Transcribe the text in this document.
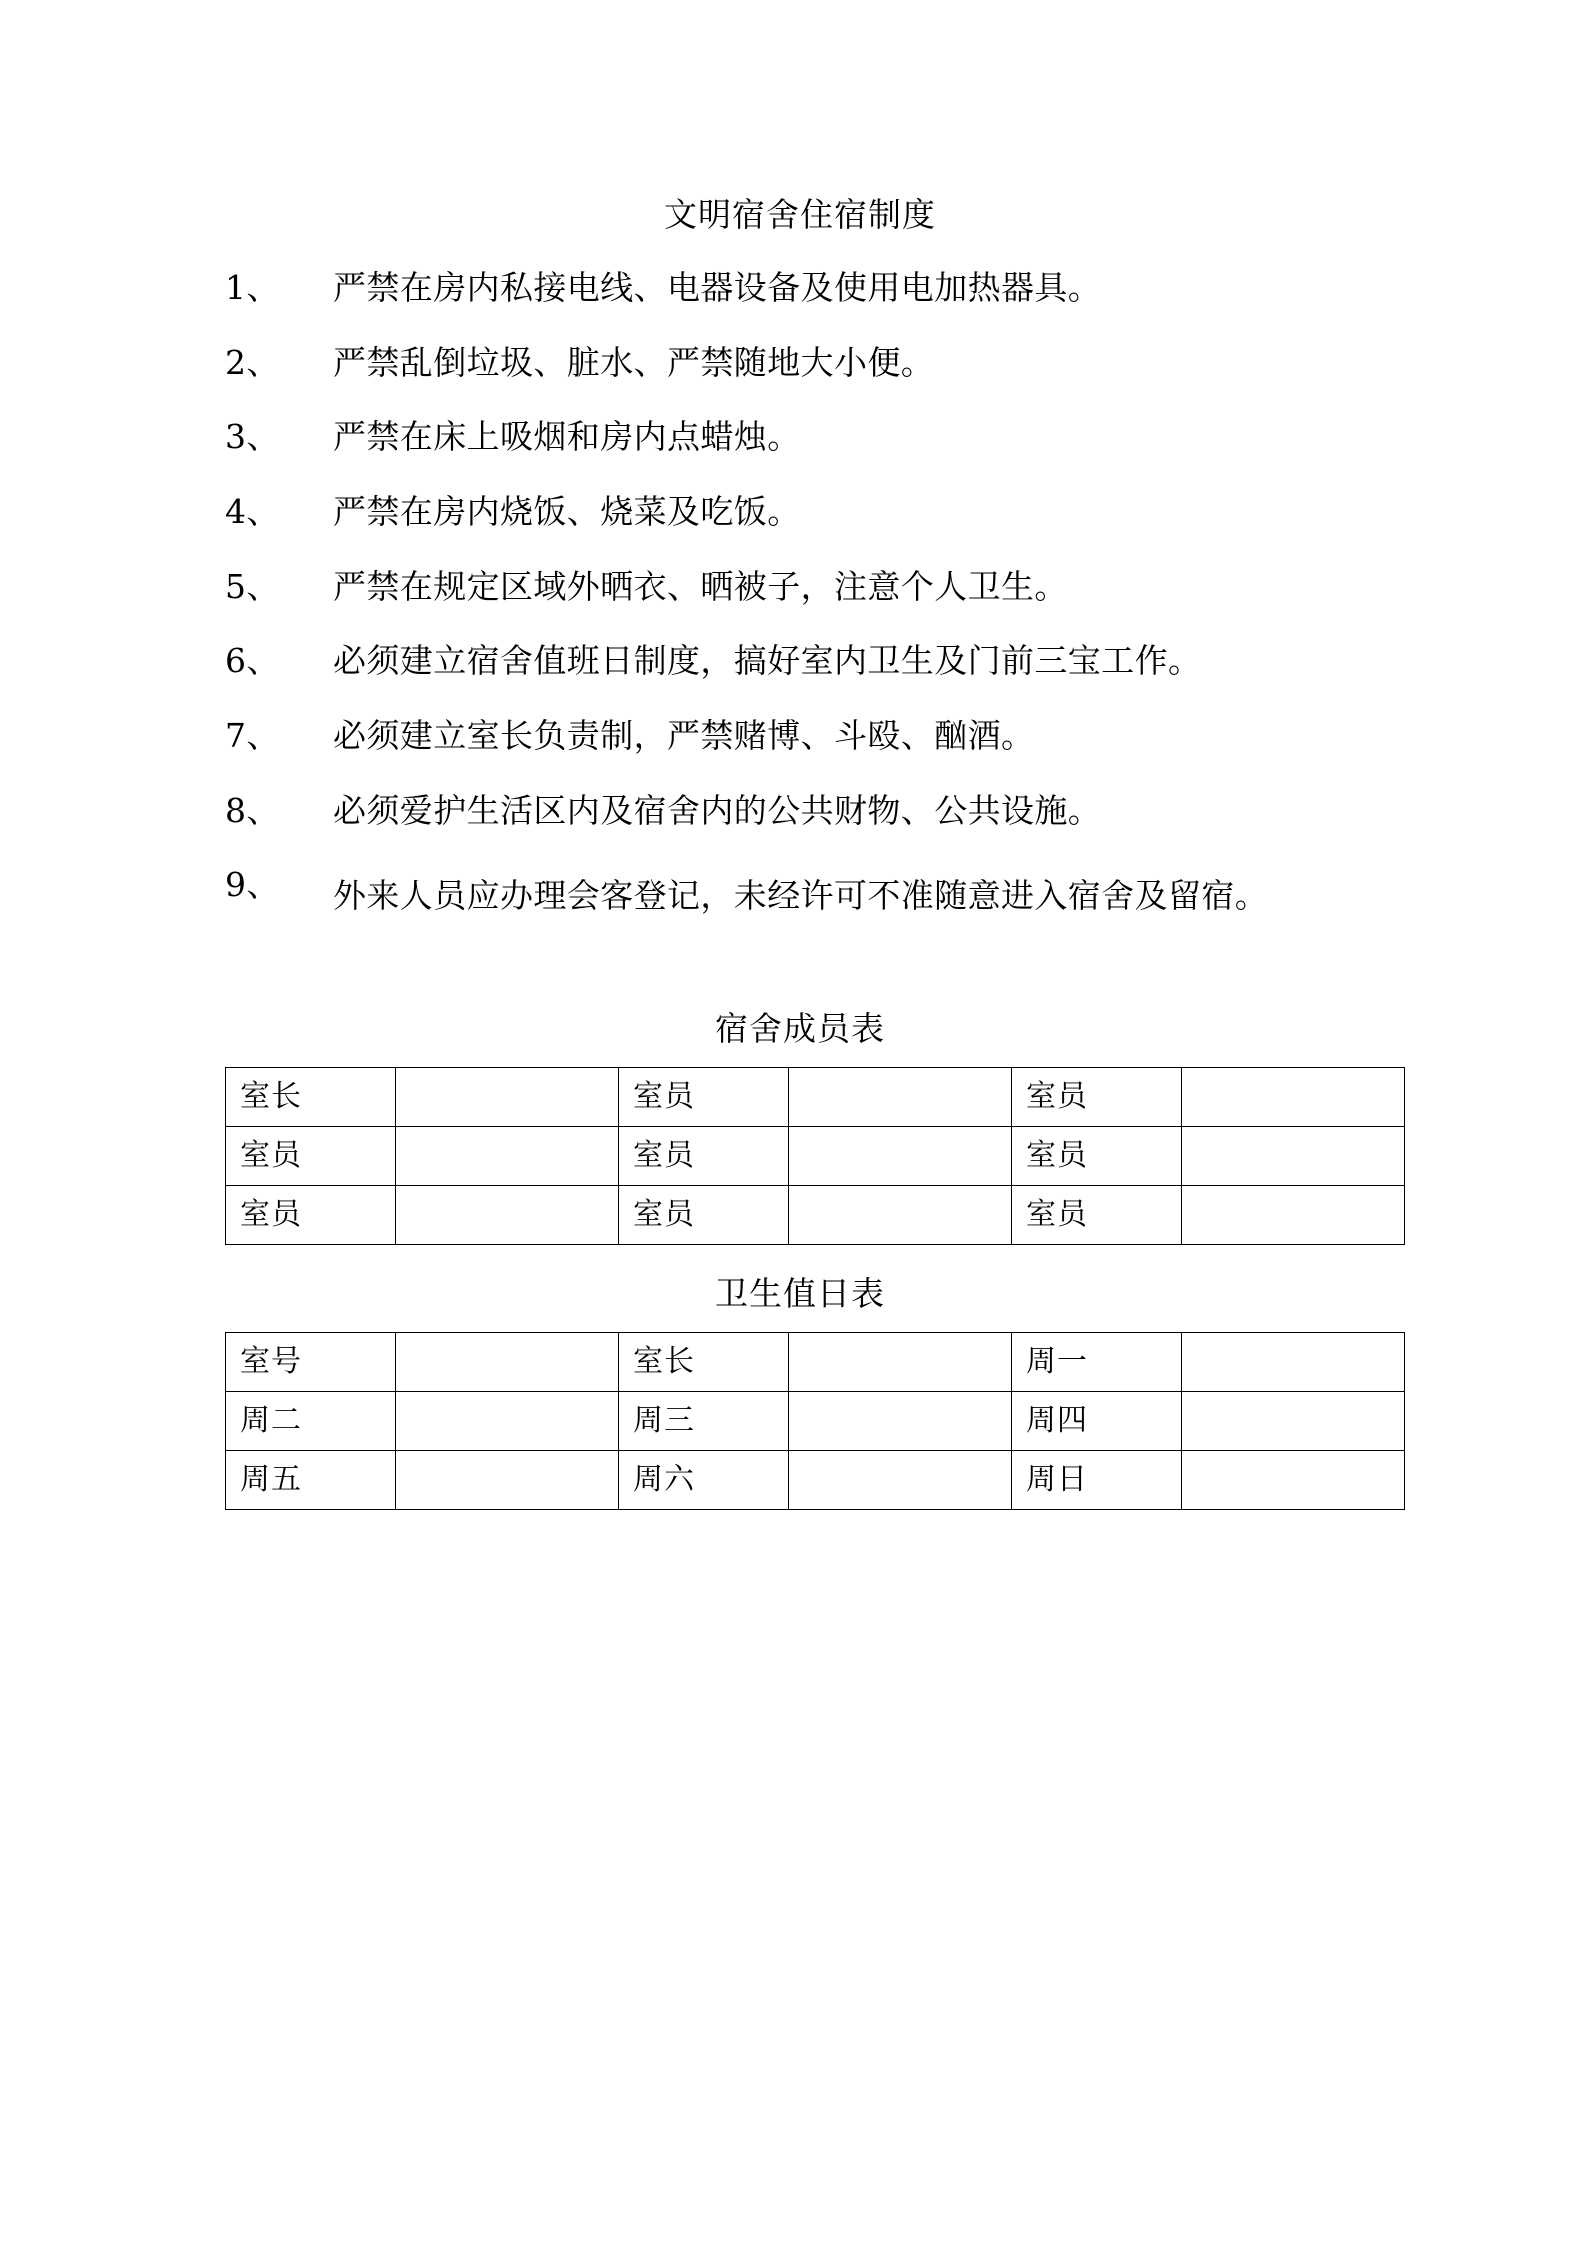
文明宿舍住宿制度
1、	严禁在房内私接电线、电器设备及使用电加热器具。
2、	严禁乱倒垃圾、脏水、严禁随地大小便。
3、	严禁在床上吸烟和房内点蜡烛。
4、	严禁在房内烧饭、烧菜及吃饭。
5、	严禁在规定区域外晒衣、晒被子，注意个人卫生。
6、	必须建立宿舍值班日制度，搞好室内卫生及门前三宝工作。
7、	必须建立室长负责制，严禁赌博、斗殴、酗酒。
8、	必须爱护生活区内及宿舍内的公共财物、公共设施。
9、	外来人员应办理会客登记，未经许可不准随意进入宿舍及留宿。
宿舍成员表
室长		室员		室员	
室员		室员		室员	
室员		室员		室员	
卫生值日表
室号		室长		周一	
周二		周三		周四	
周五		周六		周日	
